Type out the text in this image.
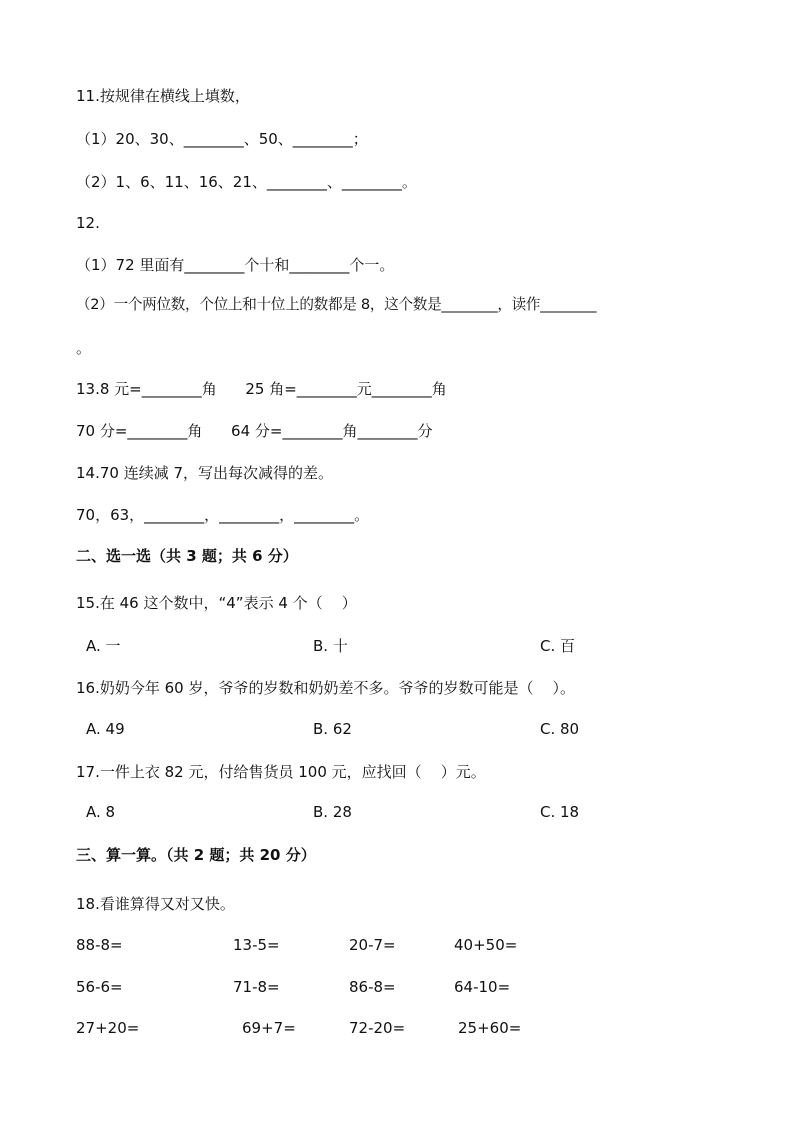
11.按规律在横线上填数，
（1）20、30、________、50、________；
（2）1、6、11、16、21、________、________。
12.
（1）72 里面有________个十和________个一。
（2）一个两位数，个位上和十位上的数都是 8，这个数是________，读作________
。
13.8 元=________角      25 角=________元________角
70 分=________角      64 分=________角________分
14.70 连续减 7，写出每次减得的差。
70，63，________，________，________。
二、选一选（共 3 题；共 6 分）
15.在 46 这个数中，“4”表示 4 个（    ）
A. 一	B. 十	C. 百
16.奶奶今年 60 岁，爷爷的岁数和奶奶差不多。爷爷的岁数可能是（    ）。
A. 49	B. 62	C. 80
17.一件上衣 82 元，付给售货员 100 元，应找回（    ）元。
A. 8	B. 28	C. 18
三、算一算。（共 2 题；共 20 分）
18.看谁算得又对又快。
88-8=	13-5=	20-7=	40+50=
56-6=	71-8=	86-8=	64-10=
27+20=	69+7=	72-20=	25+60=
